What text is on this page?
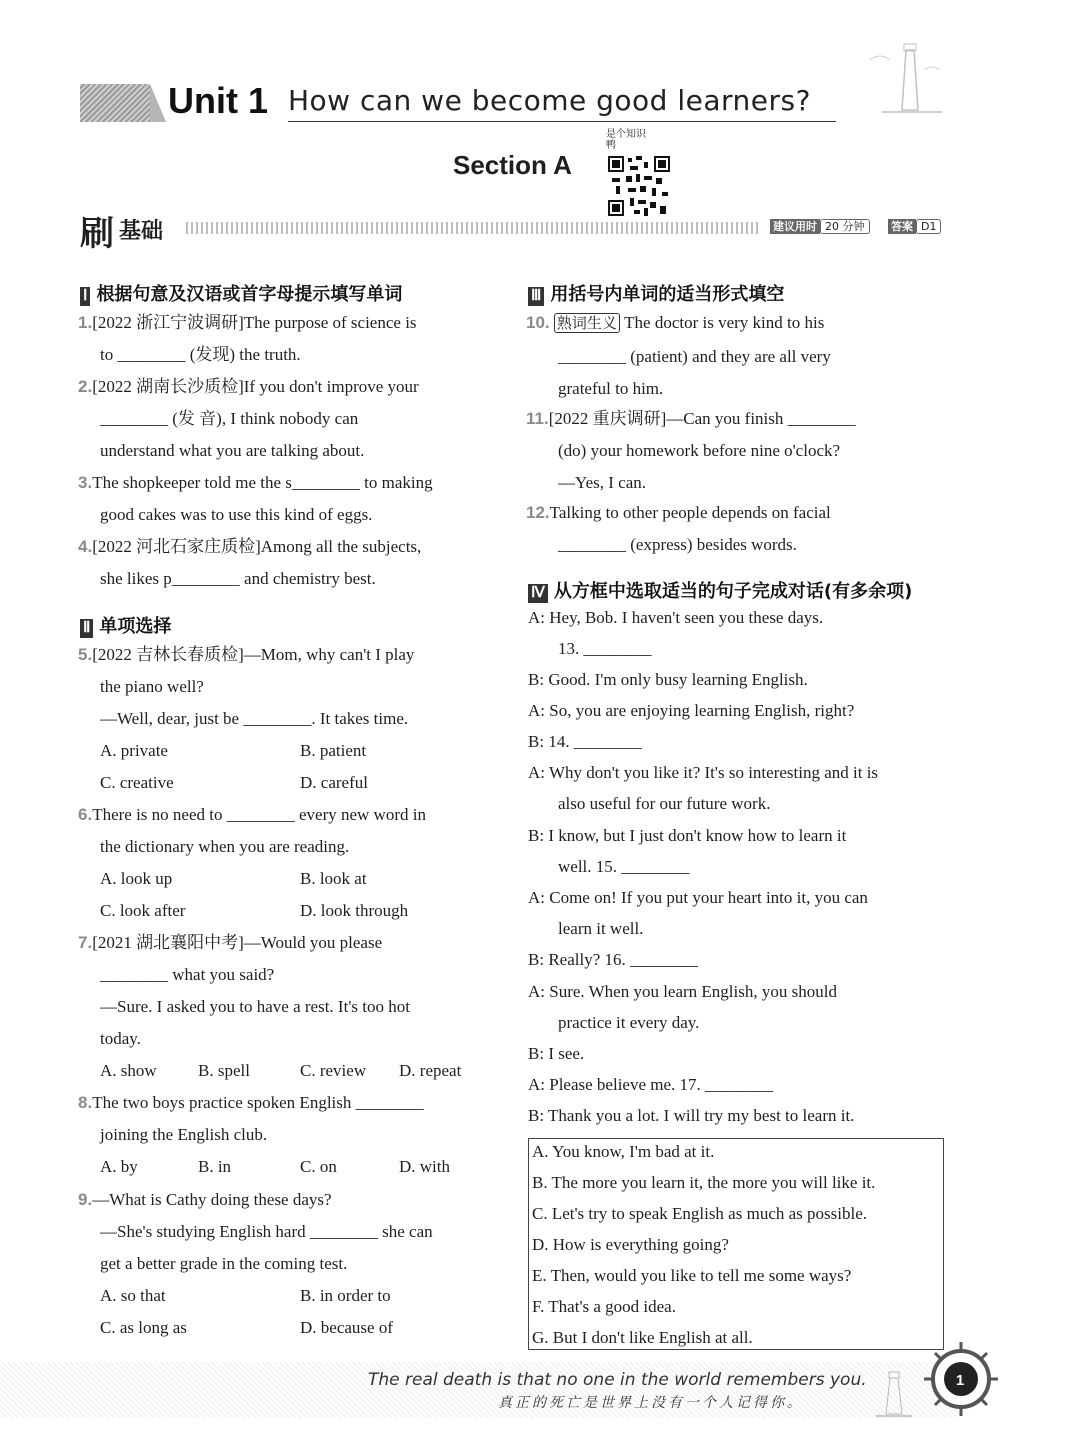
Unit 1 How can we become good learners?
Section A
是个知识鸭
刷 基础	建议用时 20 分钟	答案 D1
Ⅰ 根据句意及汉语或首字母提示填写单词
1.[2022 浙江宁波调研]The purpose of science is
to ________ (发现) the truth.
2.[2022 湖南长沙质检]If you don't improve your
________ (发 音), I think nobody can
understand what you are talking about.
3.The shopkeeper told me the s________ to making
good cakes was to use this kind of eggs.
4.[2022 河北石家庄质检]Among all the subjects,
she likes p________ and chemistry best.
Ⅱ 单项选择
5.[2022 吉林长春质检]—Mom, why can't I play
the piano well?
—Well, dear, just be ________. It takes time.
A. private	B. patient
C. creative	D. careful
6.There is no need to ________ every new word in
the dictionary when you are reading.
A. look up	B. look at
C. look after	D. look through
7.[2021 湖北襄阳中考]—Would you please
________ what you said?
—Sure. I asked you to have a rest. It's too hot
today.
A. show B. spell	C. review D. repeat
8.The two boys practice spoken English ________
joining the English club.
A. by	B. in	C. on	D. with
9.—What is Cathy doing these days?
—She's studying English hard ________ she can
get a better grade in the coming test.
A. so that	B. in order to
C. as long as	D. because of
Ⅲ 用括号内单词的适当形式填空
10. 熟词生义 The doctor is very kind to his
________ (patient) and they are all very
grateful to him.
11.[2022 重庆调研]—Can you finish ________
(do) your homework before nine o'clock?
—Yes, I can.
12.Talking to other people depends on facial
________ (express) besides words.
Ⅳ 从方框中选取适当的句子完成对话(有多余项)
A: Hey, Bob. I haven't seen you these days.
13. ________
B: Good. I'm only busy learning English.
A: So, you are enjoying learning English, right?
B: 14. ________
A: Why don't you like it? It's so interesting and it is
also useful for our future work.
B: I know, but I just don't know how to learn it
well. 15. ________
A: Come on! If you put your heart into it, you can
learn it well.
B: Really? 16. ________
A: Sure. When you learn English, you should
practice it every day.
B: I see.
A: Please believe me. 17. ________
B: Thank you a lot. I will try my best to learn it.
A. You know, I'm bad at it.
B. The more you learn it, the more you will like it.
C. Let's try to speak English as much as possible.
D. How is everything going?
E. Then, would you like to tell me some ways?
F. That's a good idea.
G. But I don't like English at all.
The real death is that no one in the world remembers you.
真正的死亡是世界上没有一个人记得你。
1
